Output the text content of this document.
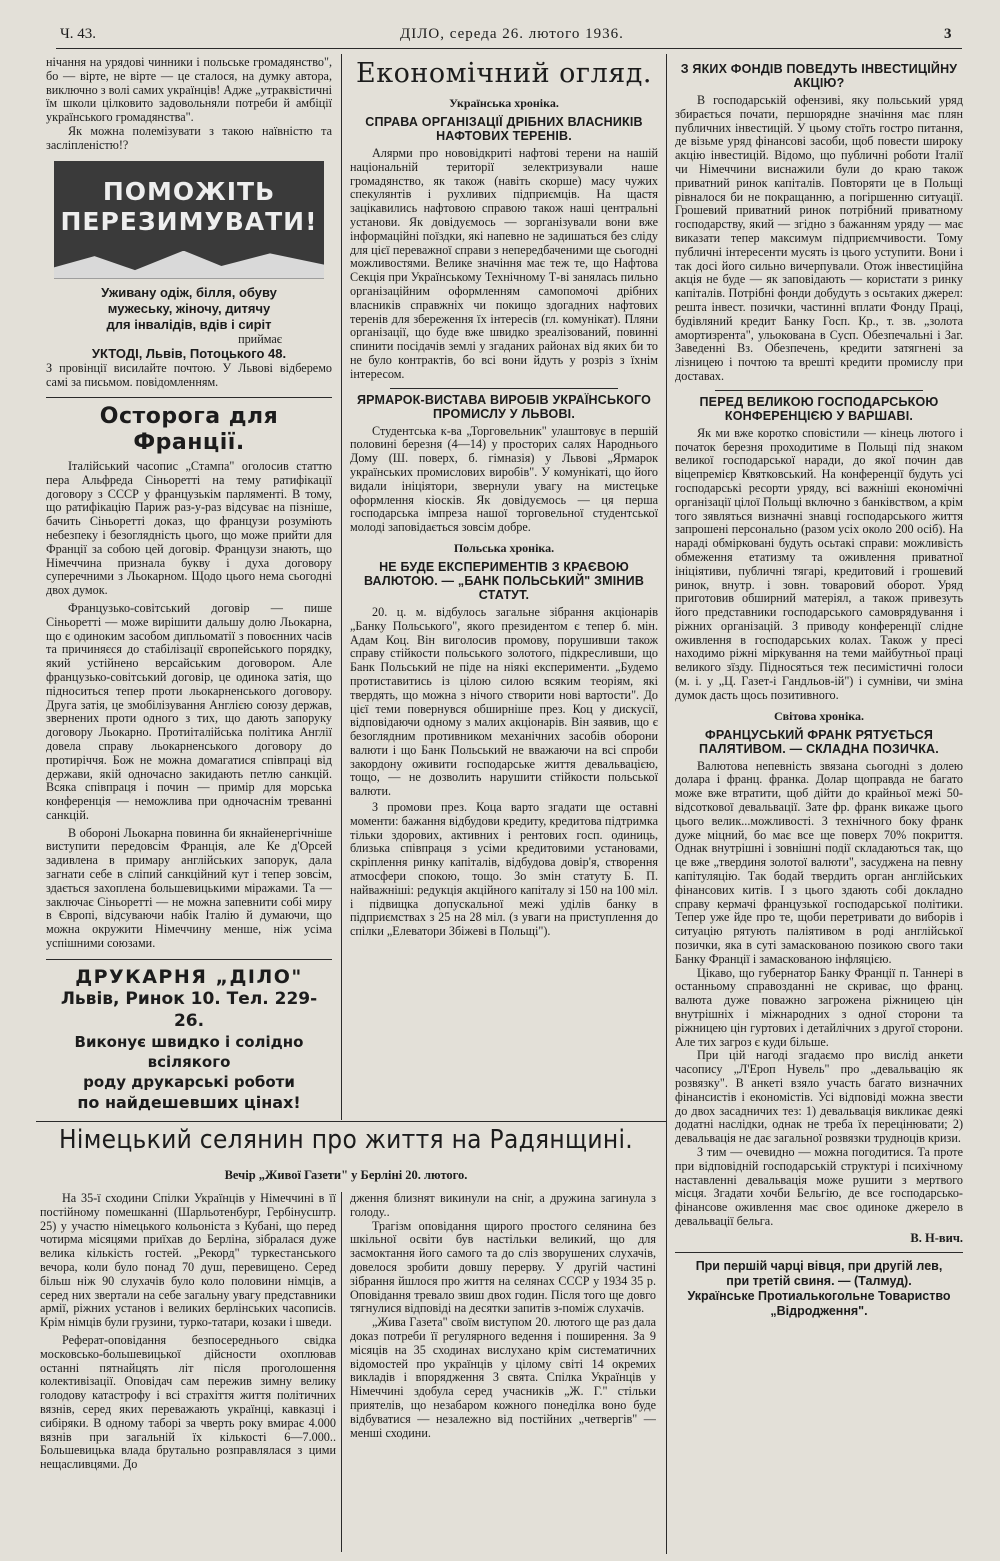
Ч. 43.	ДІЛО, середа 26. лютого 1936.	3

нічання на урядові чинники і польське громадянство", бо — вірте, не вірте — це сталося, на думку автора, виключно з волі самих українців! Адже „утраквістичні їм школи цілковито задовольняли потреби й амбіції українського громадянства".

Як можна полемізувати з такою наївністю та засліпленістю!?

ПОМОЖІТЬ
ПЕРЕЗИМУВАТИ!
Уживану одіж, білля, обуву
мужеську, жіночу, дитячу
для інвалідів, вдів і сиріт
приймає
УКТОДІ, Львів, Потоцького 48.

З провінції висилайте почтою. У Львові відберемо самі за письмом. повідомленням.

Осторога для Франції.

Італійський часопис „Стампа" оголосив статтю пера Альфреда Сіньоретті на тему ратифікації договору з СССР у французькім парляменті. В тому, що ратифікацію Париж раз-у-раз відсуває на пізніше, бачить Сіньоретті доказ, що французи розуміють небезпеку і безоглядність цього, що може прийти для Франції за собою цей договір. Французи знають, що Німеччина признала букву і духа договору суперечними з Льокарном. Щодо цього нема сьогодні двох думок.

Французько-совітський договір — пише Сіньоретті — може вирішити дальшу долю Льокарна, що є одиноким засобом дипльоматії з повоєнних часів та причиняєся до стабілізації європейського порядку, який устійнено версайським договором. Але французько-совітський договір, це одинока затія, що підноситься тепер проти льокарненського договору. Друга затія, це змобілізування Англією союзу держав, звернених проти одного з тих, що дають запоруку договору Льокарно. Протиіталійська політика Англії довела справу льокарненського договору до протиріччя. Бож не можна домагатися співпраці від держави, якій одночасно закидають петлю санкцій. Всяка співпраця і почин — примір для морська конференція — неможлива при одночаснім треванні санкцій.

В обороні Льокарна повинна би якнайенергічніше виступити передовсім Франція, але Ке д'Орсей задивлена в примару англійських запорук, дала загнати себе в сліпий санкційний кут і тепер зовсім, здається захоплена большевицькими міражами. Та — заключає Сіньоретті — не можна запевнити собі миру в Європі, відсуваючи набік Італію й думаючи, що можна окружити Німеччину менше, ніж усіма успішними союзами.

ДРУКАРНЯ „ДІЛО"
Львів, Ринок 10. Тел. 229-26.
Виконує швидко і солідно всілякого
роду друкарські роботи
по найдешевших цінах!
Економічний огляд.
Українська хроніка.
СПРАВА ОРГАНІЗАЦІЇ ДРІБНИХ ВЛАСНИКІВ НАФТОВИХ ТЕРЕНІВ.

Алярми про нововідкриті нафтові терени на нашій національній території зелектризували наше громадянство, як також (навіть скорше) масу чужих спекулянтів і рухливих підприємців. На щастя зацікавились нафтовою справою також наші центральні установи. Як довідуємось — зорганізували вони вже інформаційні поїздки, які напевно не задишаться без сліду для цієї переважної справи з непередбаченими ще сьогодні можливостями. Велике значіння має теж те, що Нафтова Секція при Українському Технічному Т-ві занялась пильно організаційним оформленням самопомочі дрібних власників справжніх чи покищо здогадних нафтових теренів для збереження їх інтересів (гл. комунікат). Пляни організації, що буде вже швидко зреалізований, повинні спинити посідачів землі у згаданих районах від яких би то не було контрактів, бо всі вони йдуть у розріз з їхнім інтересом.

ЯРМАРОК-ВИСТАВА ВИРОБІВ УКРАЇНСЬКОГО ПРОМИСЛУ У ЛЬВОВІ.

Студентська к-ва „Торговельник" улаштовує в першій половині березня (4—14) у просторих салях Народнього Дому (Ш. поверх, б. гімназія) у Львові „Ярмарок українських промислових виробів". У комунікаті, що його видали ініціятори, звернули увагу на мистецьке оформлення кіосків. Як довідуємось — ця перша господарська імпреза нашої торговельної студентської молоді заповідається зовсім добре.

Польська хроніка.
НЕ БУДЕ ЕКСПЕРИМЕНТІВ З КРАЄВОЮ ВАЛЮТОЮ. — „БАНК ПОЛЬСЬКИЙ" ЗМІНИВ СТАТУТ.

20. ц. м. відбулось загальне зібрання акціонарів „Банку Польського", якого президентом є тепер б. мін. Адам Коц. Він вигoлосив промову, порушивши також справу стійкости польського золотого, підкресливши, що Банк Польський не піде на ніякі експерименти. „Будемо протиставитись із цілою силою всяким теоріям, які твердять, що можна з нічого створити нові вартости". До цієї теми повернувся обширніше през. Коц у дискусії, відповідаючи одному з малих акціонарів. Він заявив, що є безоглядним противником механічних засобів оборони валюти і що Банк Польський не вважаючи на всі спроби закордону оживити господарське життя девальвацією, тощо, — не дозволить нарушити стійкости польської валюти.

З промови през. Коца варто згадати ще оставні моменти: бажання відбудови кредиту, кредитова підтримка тільки здорових, активних і рентових госп. одиниць, близька співпраця з усіми кредитовими установами, скріплення ринку капіталів, відбудова довір'я, створення атмосфери спокою, тощо. Зо змін статуту Б. П. найважніші: редукція акційного капіталу зі 150 на 100 міл. і підвищка допускальної межі уділів банку в підприємствах з 25 на 28 міл. (з уваги на приступлення до спілки „Елеватори Збіжеві в Польщі").

З ЯКИХ ФОНДІВ ПОВЕДУТЬ ІНВЕСТИЦІЙНУ АКЦІЮ?

В господарській офензиві, яку польський уряд збирається почати, першорядне значіння має плян публичних інвестицій. У цьому стоїть гостро питання, де візьме уряд фінансові засоби, щоб повести широку акцію інвестицій. Відомо, що публичні роботи Італії чи Німеччини виснажили були до краю також приватний ринок капіталів. Повторяти це в Польщі рівналося би не покращанню, а погіршенню ситуації. Грошевий приватний ринок потрібний приватному господарству, який — згідно з бажанням уряду — має виказати тепер максимум підприємчивости. Тому публичні інтересенти мусять із цього уступити. Вони і так досі його сильно вичерпували. Отож інвестиційна акція не буде — як заповідають — користати з ринку капіталів. Потрібні фонди добудуть з осьтаких джерел: решта інвест. позички, частинні вплати Фонду Праці, будівляний кредит Банку Госп. Кр., т. зв. „золота амортизрента", ульокована в Сусп. Обезпечальні і Заг. Заведенні Вз. Обезпечень, кредити затягнені за лізницею і почтою та врешті кредити промислу при доставах.

ПЕРЕД ВЕЛИКОЮ ГОСПОДАРСЬКОЮ КОНФЕРЕНЦІЄЮ У ВАРШАВІ.

Як ми вже коротко сповістили — кінець лютого і початок березня проходитиме в Польщі під знаком великої господарської наради, до якої почин дав віцепремієр Квятковський. На конференції будуть усі господарські ресорти уряду, всі важніші економічні організації цілої Польщі включно з банківством, а крім того зявляться визначні знавці господарського життя запрошені персонально (разом усіх около 200 осіб). На нараді обмірковані будуть осьтакі справи: можливість обмеження етатизму та оживлення приватної ініціятиви, публичні тягарі, кредитовий і грошевий ринок, внутр. і зовн. товаровий оборот. Уряд приготовив обширний матеріял, а також привезуть його представники господарського самоврядування і ріжних організацій. З приводу конференції слідне оживлення в господарських колах. Також у пресі находимо ріжні міркування на теми майбутньої праці великого зїзду. Підносяться теж песимістичні голоси (м. і. у „Ц. Газет-і Гандльов-ій") і сумніви, чи зміна думок дасть щось позитивного.

Світова хроніка.
ФРАНЦУСЬКИЙ ФРАНК РЯТУЄТЬСЯ ПАЛЯТИВОМ. — СКЛАДНА ПОЗИЧКА.

Валютова непевність звязана сьогодні з долею долара і франц. франка. Долар щоправда не багато може вже втратити, щоб дійти до крайньої межі 50-відсоткової девальвації. Зате фр. франк викаже цього цього велик...можливості. З технічного боку франк дуже міцний, бо має все ще поверх 70% покриття. Однак внутрішні і зовнішні події складаються так, що це вже „твердиня золотої валюти", засуджена на певну капітуляцію. Так бодай твердить орган англійських фінансових китів. І з цього здають собі докладно справу кермачі французької господарської політики. Тепер уже йде про те, щоби перетривати до виборів і ситуацію рятують паліятивом в роді англійської позички, яка в суті замаскованою позикою свого таки Банку Франції і замаскованою інфляцією.

Цікаво, що губернатор Банку Франції п. Таннері в останньому справозданні не скриває, що франц. валюта дуже поважно загрожена ріжницею цін внутрішніх і міжнародних з одної сторони та ріжницею цін гуртових і детайлічних з другої сторони. Але тих загроз є куди більше.

При цій нагоді згадаємо про вислід анкети часопису „Л'Ероп Нувель" про „девальвацію як розвязку". В анкеті взяло участь багато визначних фінансистів і економістів. Усі відповіді можна звести до двох засадничих тез: 1) девальвація викликає деякі додатні наслідки, однак не треба їх перецінювати; 2) девальвація не дає загальної розвязки трудноців кризи.

З тим — очевидно — можна погодитися. Та проте при відповідній господарській структурі і психічному наставленні девальвація може рушити з мертвого місця. Згадати хочби Бельгію, де все господарсько-фінансове оживлення має своє одиноке джерело в девальвації бельга.

В. Н-вич.
При першій чарці вівця, при другій лев,
при третій свиня. — (Талмуд).
Українське Протиалькогольне Товариство
„Відродження".
Німецький селянин про життя на Радянщині.
Вечір „Живої Газети" у Берліні 20. лютого.

На 35-ї сходини Спілки Українців у Німеччині в її постійному помешканні (Шарльотенбург, Гербінусштр. 25) у участю німецького кольоніста з Кубані, що перед чотирма місяцями приїхав до Берліна, зібралася дуже велика кількість гостей. „Рекорд" туркестанського вечора, коли було понад 70 душ, перевищено. Серед більш ніж 90 слухачів було коло половини німців, а серед них звертали на себе загальну увагу представники армії, ріжних установ і великих берлінських часописів. Крім німців були грузини, турко-татари, козаки і шведи.

Реферат-оповідання безпосереднього свідка московсько-большевицької дійсности охоплював останні пятнайцять літ після проголошення колективізації. Оповідач сам пережив зимну велику голодову катастрофу і всі страхіття життя політичних вязнів, серед яких переважають українці, кавказці і сибіряки. В одному таборі за чверть року вмирає 4.000 вязнів при загальній їх кількості 6—7.000.. Большевицька влада брутально розправлялася з цими нещасливцями. До

дження близнят викинули на сніг, а дружина загинула з голоду..

Трагізм оповідання щирого простого селянина без шкільної освіти був настільки великий, що для засмоктання його самого та до сліз зворушених слухачів, довелося зробити довшу перерву. У другій частині зібрання йшлося про життя на селянах СССР у 1934 35 р. Оповідання тревало звиш двох годин. Після того ще довго тягнулися відповіді на десятки запитів з-поміж слухачів.

„Жива Газета" своїм виступом 20. лютого ще раз дала доказ потреби її регулярного ведення і поширення. За 9 місяців на 35 сходинах вислухано крім систематичних відомостей про українців у цілому світі 14 окремих викладів і впорядження 3 свята. Спілка Українців у Німеччині здобула серед учасників „Ж. Г." стільки приятелів, що незабаром кожного понеділка воно буде відбуватися — незалежно від постійних „четвергів" — менші сходини.
